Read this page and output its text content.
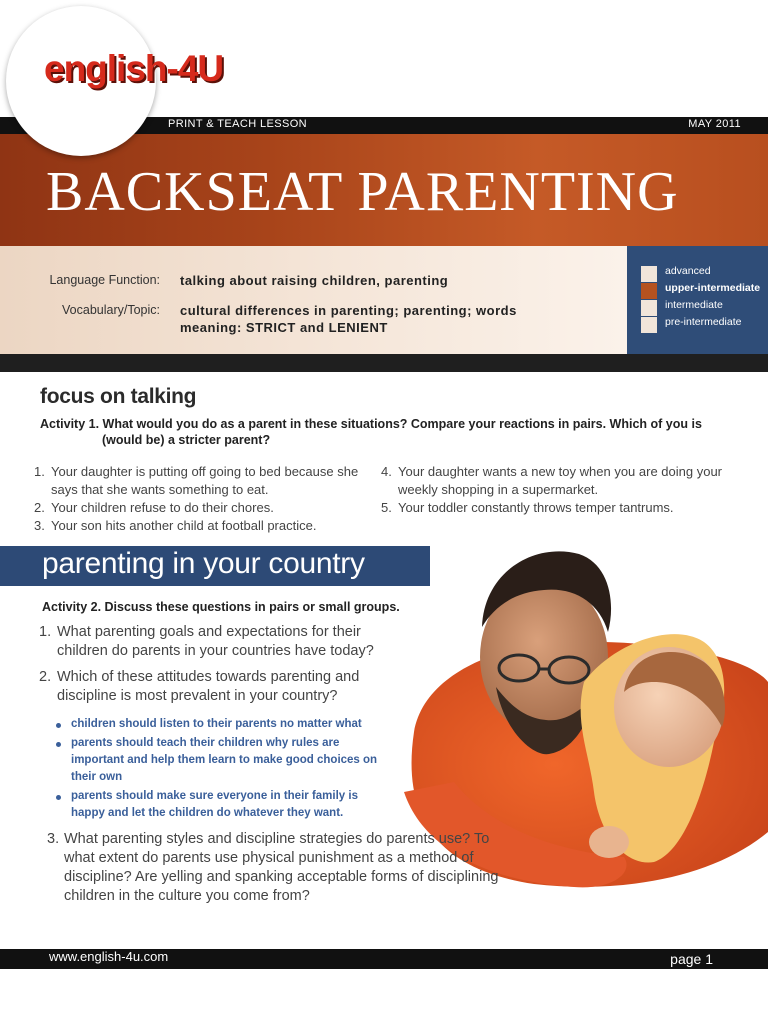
PRINT & TEACH LESSON	MAY 2011
BACKSEAT PARENTING
Language Function: talking about raising children, parenting
Vocabulary/Topic: cultural differences in parenting; parenting; words
meaning: STRICT and LENIENT
advanced
upper-intermediate
intermediate
pre-intermediate
english-4U
focus on talking
Activity 1. What would you do as a parent in these situations? Compare your reactions in pairs. Which of you is
(would be) a stricter parent?
1. Your daughter is putting off going to bed because she says that she wants something to eat.
2. Your children refuse to do their chores.
3. Your son hits another child at football practice.
4. Your daughter wants a new toy when you are doing your weekly shopping in a supermarket.
5. Your toddler constantly throws temper tantrums.
parenting in your country
Activity 2. Discuss these questions in pairs or small groups.
1. What parenting goals and expectations for their children do parents in your countries have today?
2. Which of these attitudes towards parenting and discipline is most prevalent in your country?
children should listen to their parents no matter what
parents should teach their children why rules are important and help them learn to make good choices on their own
parents should make sure everyone in their family is happy and let the children do whatever they want.
3. What parenting styles and discipline strategies do parents use? To what extent do parents use physical punishment as a method of discipline? Are yelling and spanking acceptable forms of disciplining children in the culture you come from?
www.english-4u.com	page 1
